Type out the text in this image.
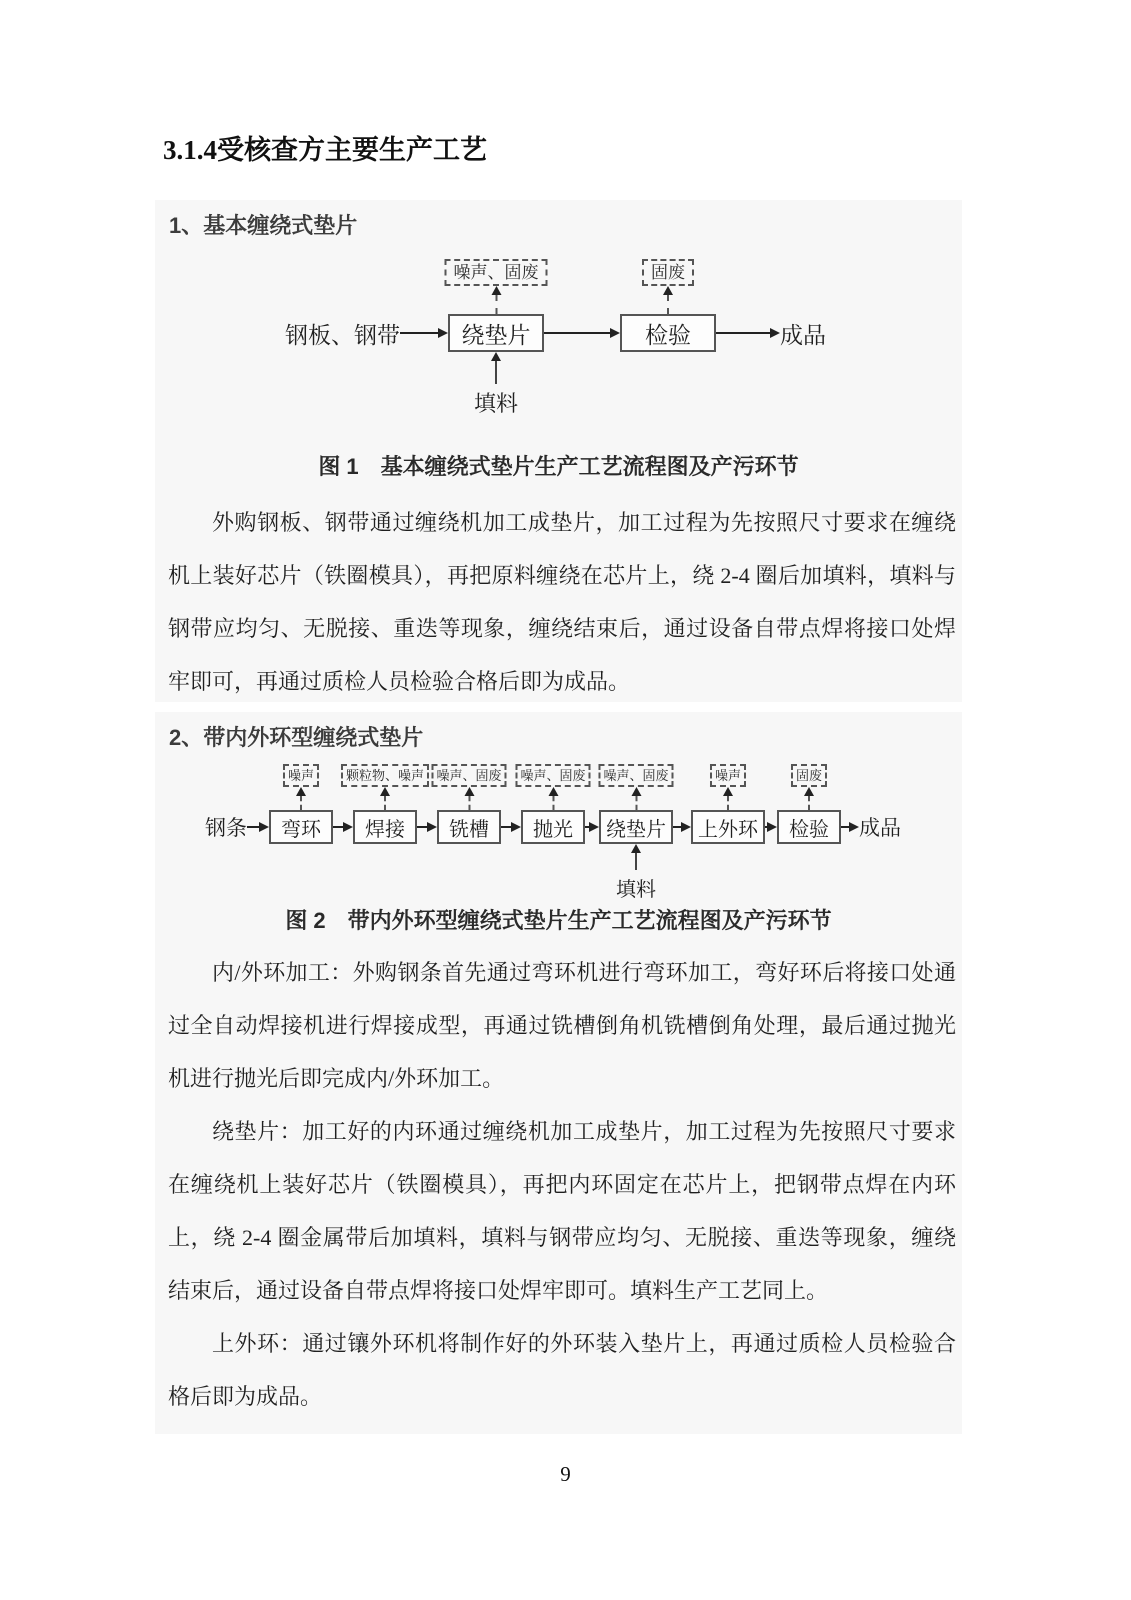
3.1.4受核查方主要生产工艺
1、基本缠绕式垫片
钢板、钢带
噪声、固废
绕垫片
填料
固废
检验	成品
图 1　基本缠绕式垫片生产工艺流程图及产污环节

外购钢板、钢带通过缠绕机加工成垫片，加工过程为先按照尺寸要求在缠绕机上装好芯片（铁圈模具），再把原料缠绕在芯片上，绕 2-4 圈后加填料，填料与钢带应均匀、无脱接、重迭等现象，缠绕结束后，通过设备自带点焊将接口处焊牢即可，再通过质检人员检验合格后即为成品。

2、带内外环型缠绕式垫片
钢条
噪声
弯环
颗粒物、噪声
焊接
噪声、固废
铣槽
噪声、固废
抛光
噪声、固废
绕垫片
填料
噪声
上外环
固废
检验	成品
图 2　带内外环型缠绕式垫片生产工艺流程图及产污环节

内/外环加工：外购钢条首先通过弯环机进行弯环加工，弯好环后将接口处通过全自动焊接机进行焊接成型，再通过铣槽倒角机铣槽倒角处理，最后通过抛光机进行抛光后即完成内/外环加工。

绕垫片：加工好的内环通过缠绕机加工成垫片，加工过程为先按照尺寸要求在缠绕机上装好芯片（铁圈模具），再把内环固定在芯片上，把钢带点焊在内环上，绕 2-4 圈金属带后加填料，填料与钢带应均匀、无脱接、重迭等现象，缠绕结束后，通过设备自带点焊将接口处焊牢即可。填料生产工艺同上。

上外环：通过镶外环机将制作好的外环装入垫片上，再通过质检人员检验合格后即为成品。

9
